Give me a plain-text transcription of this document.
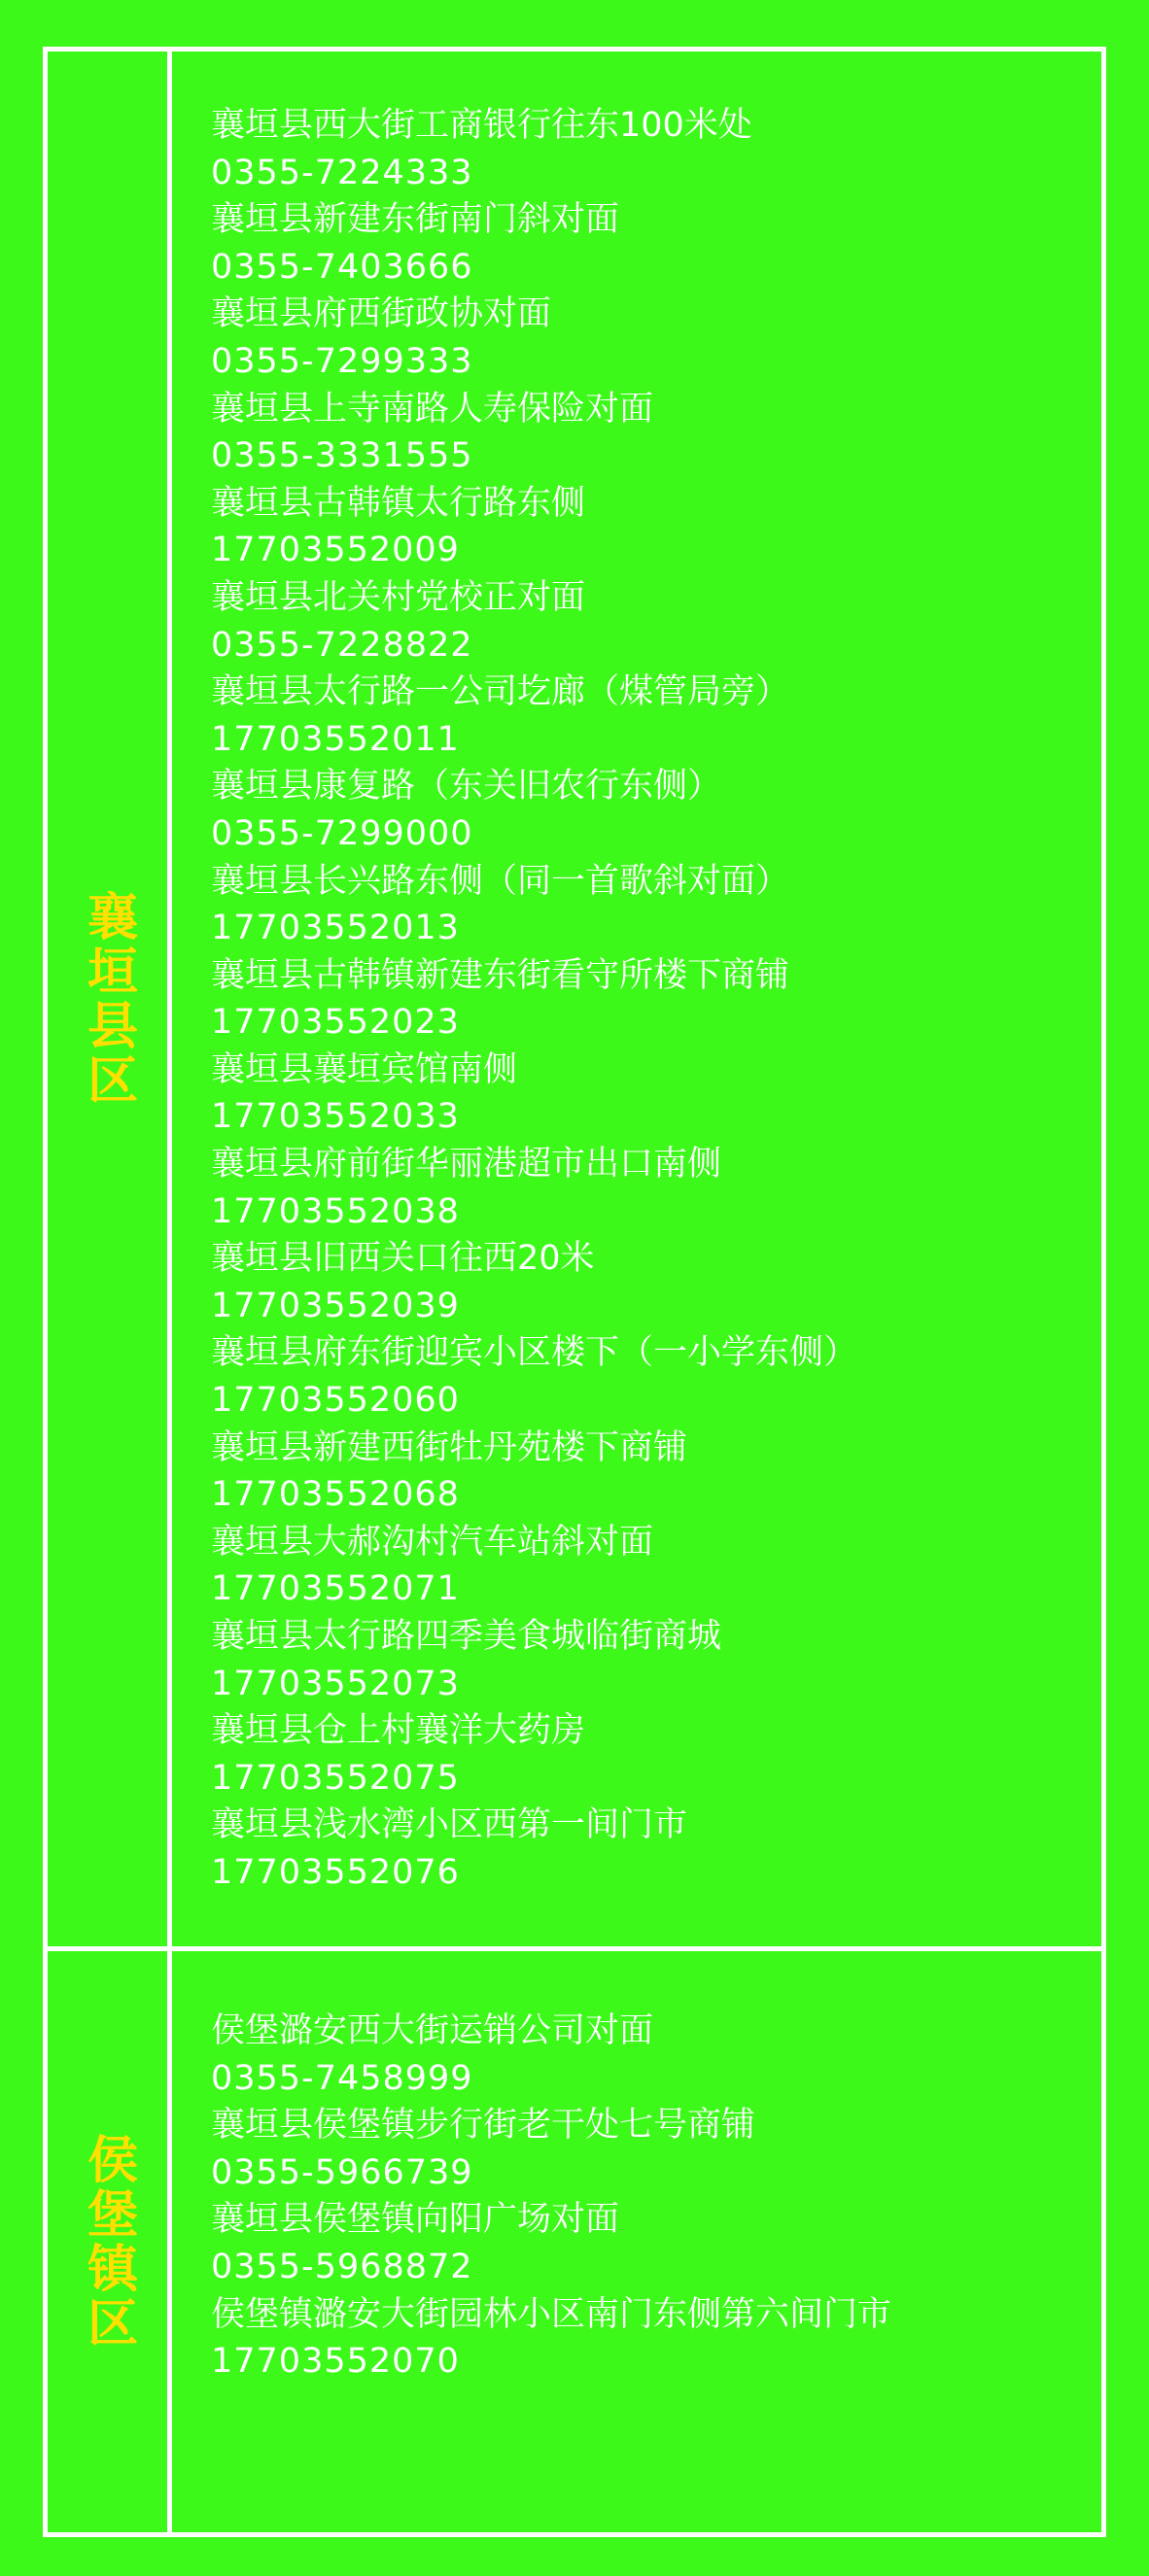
襄垣县区
襄垣县西大街工商银行往东100米处
0355-7224333
襄垣县新建东街南门斜对面
0355-7403666
襄垣县府西街政协对面
0355-7299333
襄垣县上寺南路人寿保险对面
0355-3331555
襄垣县古韩镇太行路东侧
17703552009
襄垣县北关村党校正对面
0355-7228822
襄垣县太行路一公司圪廊（煤管局旁）
17703552011
襄垣县康复路（东关旧农行东侧）
0355-7299000
襄垣县长兴路东侧（同一首歌斜对面）
17703552013
襄垣县古韩镇新建东街看守所楼下商铺
17703552023
襄垣县襄垣宾馆南侧
17703552033
襄垣县府前街华丽港超市出口南侧
17703552038
襄垣县旧西关口往西20米
17703552039
襄垣县府东街迎宾小区楼下（一小学东侧）
17703552060
襄垣县新建西街牡丹苑楼下商铺
17703552068
襄垣县大郝沟村汽车站斜对面
17703552071
襄垣县太行路四季美食城临街商城
17703552073
襄垣县仓上村襄洋大药房
17703552075
襄垣县浅水湾小区西第一间门市
17703552076
侯堡镇区
侯堡潞安西大街运销公司对面
0355-7458999
襄垣县侯堡镇步行街老干处七号商铺
0355-5966739
襄垣县侯堡镇向阳广场对面
0355-5968872
侯堡镇潞安大街园林小区南门东侧第六间门市
17703552070
